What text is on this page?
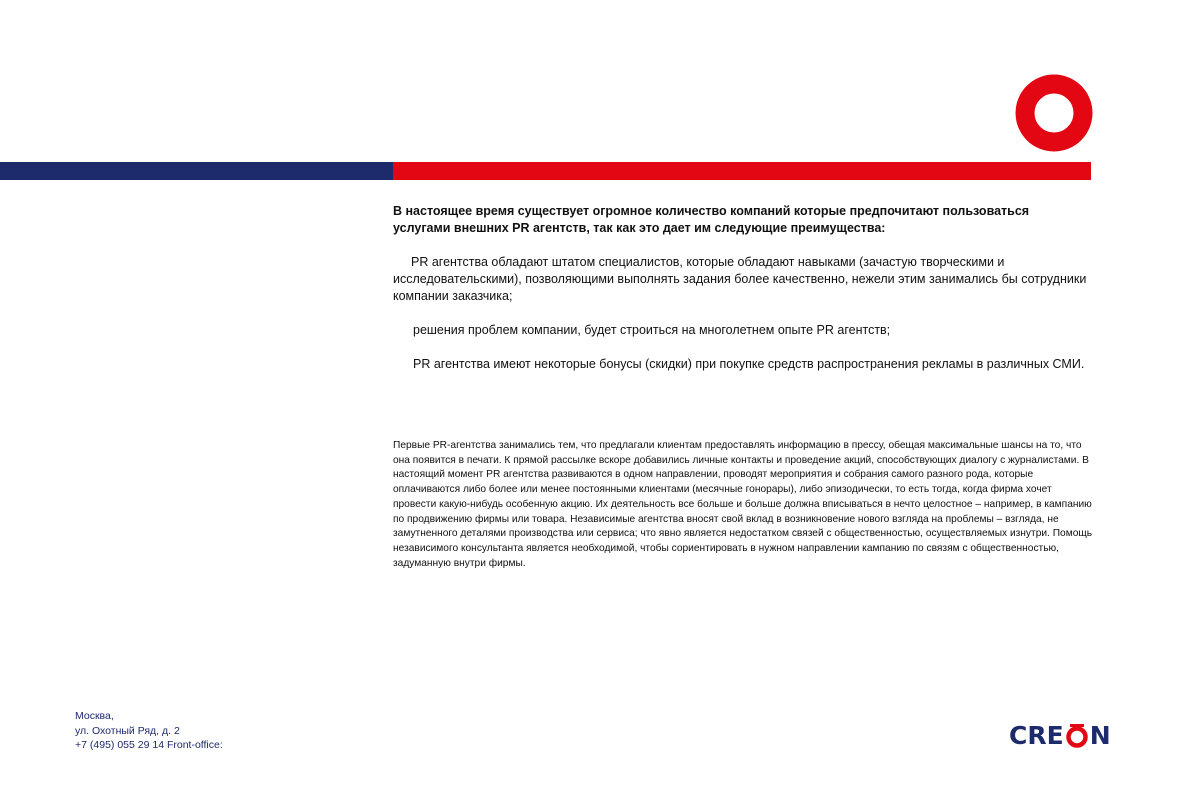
В настоящее время существует огромное количество компаний которые предпочитают пользоваться
услугами внешних PR агентств, так как это дает им следующие преимущества:

PR агентства обладают штатом специалистов, которые обладают навыками (зачастую творческими и исследовательскими), позволяющими выполнять задания более качественно, нежели этим занимались бы сотрудники компании заказчика;
решения проблем компании, будет строиться на многолетнем опыте PR агентств;
PR агентства имеют некоторые бонусы (скидки) при покупке средств распространения рекламы в различных СМИ.

Первые PR-агентства занимались тем, что предлагали клиентам предоставлять информацию в прессу, обещая максимальные шансы на то, что она появится в печати. К прямой рассылке вскоре добавились личные контакты и проведение акций, способствующих диалогу с журналистами. В настоящий момент PR агентства развиваются в одном направлении, проводят мероприятия и собрания самого разного рода, которые оплачиваются либо более или менее постоянными клиентами (месячные гонорары), либо эпизодически, то есть тогда, когда фирма хочет провести какую-нибудь особенную акцию. Их деятельность все больше и больше должна вписываться в нечто целостное – например, в кампанию по продвижению фирмы или товара. Независимые агентства вносят свой вклад в возникновение нового взгляда на проблемы – взгляда, не замутненного деталями производства или сервиса; что явно является недостатком связей с общественностью, осуществляемых изнутри. Помощь независимого консультанта является необходимой, чтобы сориентировать в нужном направлении кампанию по связям с общественностью, задуманную внутри фирмы.

Москва,
ул. Охотный Ряд, д. 2
+7 (495) 055 29 14 Front-office:	CRE N
